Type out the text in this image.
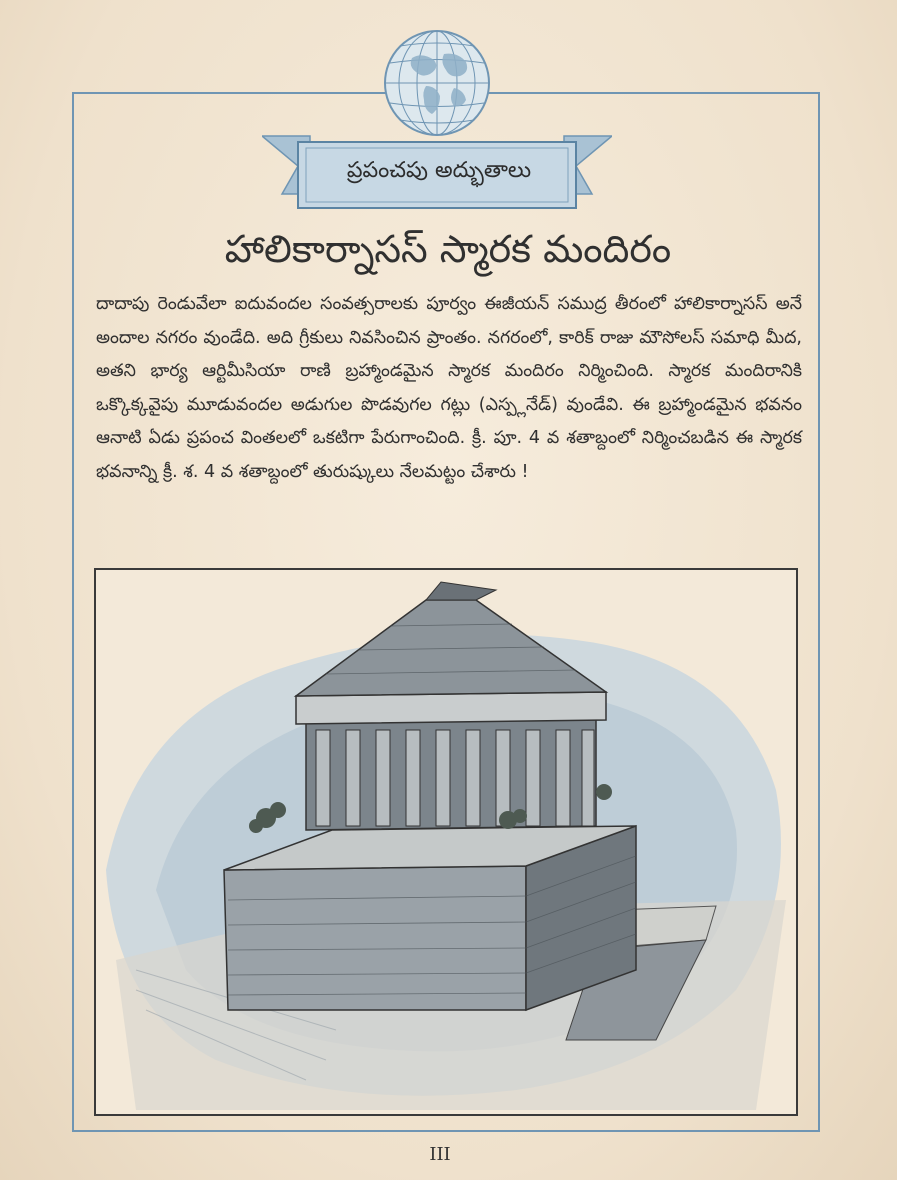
ప్రపంచపు అద్భుతాలు
హాలికార్నాసస్ స్మారక మందిరం
దాదాపు రెండువేలా ఐదువందల సంవత్సరాలకు పూర్వం ఈజీయన్ సముద్ర తీరంలో హాలికార్నాసస్ అనే అందాల నగరం వుండేది. అది గ్రీకులు నివసించిన ప్రాంతం. నగరంలో, కారిక్ రాజు మౌసోలస్ సమాధి మీద, అతని భార్య ఆర్టిమీసియా రాణి బ్రహ్మాండమైన స్మారక మందిరం నిర్మించింది. స్మారక మందిరానికి ఒక్కొక్కవైపు మూడువందల అడుగుల పొడవుగల గట్లు (ఎస్ప్లనేడ్) వుండేవి. ఈ బ్రహ్మాండమైన భవనం ఆనాటి ఏడు ప్రపంచ వింతలలో ఒకటిగా పేరుగాంచింది. క్రీ. పూ. 4 వ శతాబ్దంలో నిర్మించబడిన ఈ స్మారక భవనాన్ని క్రీ. శ. 4 వ శతాబ్దంలో తురుష్కులు నేలమట్టం చేశారు !
III
